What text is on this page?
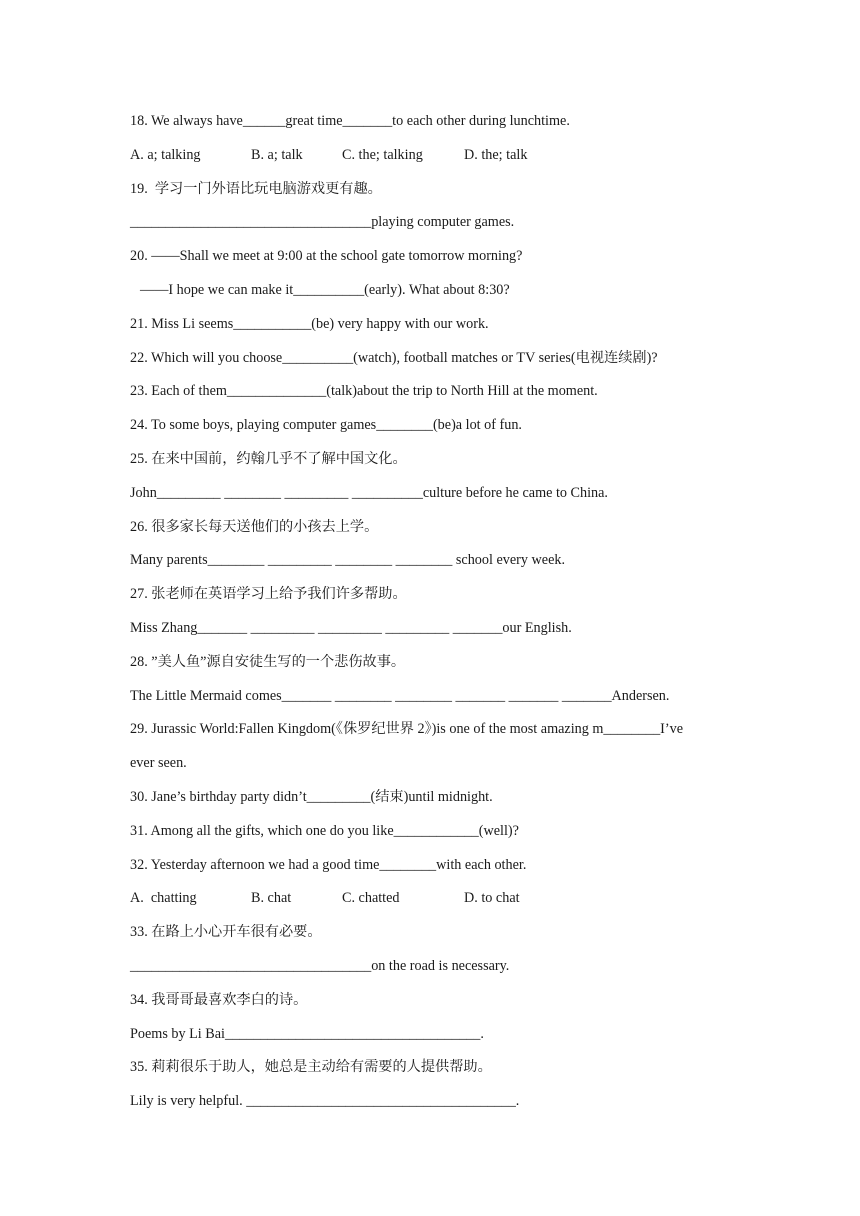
18. We always have______great time_______to each other during lunchtime.
A. a; talking	B. a; talk	C. the; talking	D. the; talk
19.  学习一门外语比玩电脑游戏更有趣。
__________________________________playing computer games.
20. ——Shall we meet at 9:00 at the school gate tomorrow morning?
——I hope we can make it__________(early). What about 8:30?
21. Miss Li seems___________(be) very happy with our work.
22. Which will you choose__________(watch), football matches or TV series(电视连续剧)?
23. Each of them______________(talk)about the trip to North Hill at the moment.
24. To some boys, playing computer games________(be)a lot of fun.
25. 在来中国前，约翰几乎不了解中国文化。
John_________ ________ _________ __________culture before he came to China.
26. 很多家长每天送他们的小孩去上学。
Many parents________ _________ ________ ________ school every week.
27. 张老师在英语学习上给予我们许多帮助。
Miss Zhang_______ _________ _________ _________ _______our English.
28. ”美人鱼”源自安徒生写的一个悲伤故事。
The Little Mermaid comes_______ ________ ________ _______ _______ _______Andersen.
29. Jurassic World:Fallen Kingdom(《侏罗纪世界 2》)is one of the most amazing m________I’ve
ever seen.
30. Jane’s birthday party didn’t_________(结束)until midnight.
31. Among all the gifts, which one do you like____________(well)?
32. Yesterday afternoon we had a good time________with each other.
A.  chatting	B. chat	C. chatted	D. to chat
33. 在路上小心开车很有必要。
__________________________________on the road is necessary.
34. 我哥哥最喜欢李白的诗。
Poems by Li Bai____________________________________.
35. 莉莉很乐于助人，她总是主动给有需要的人提供帮助。
Lily is very helpful. ______________________________________.
